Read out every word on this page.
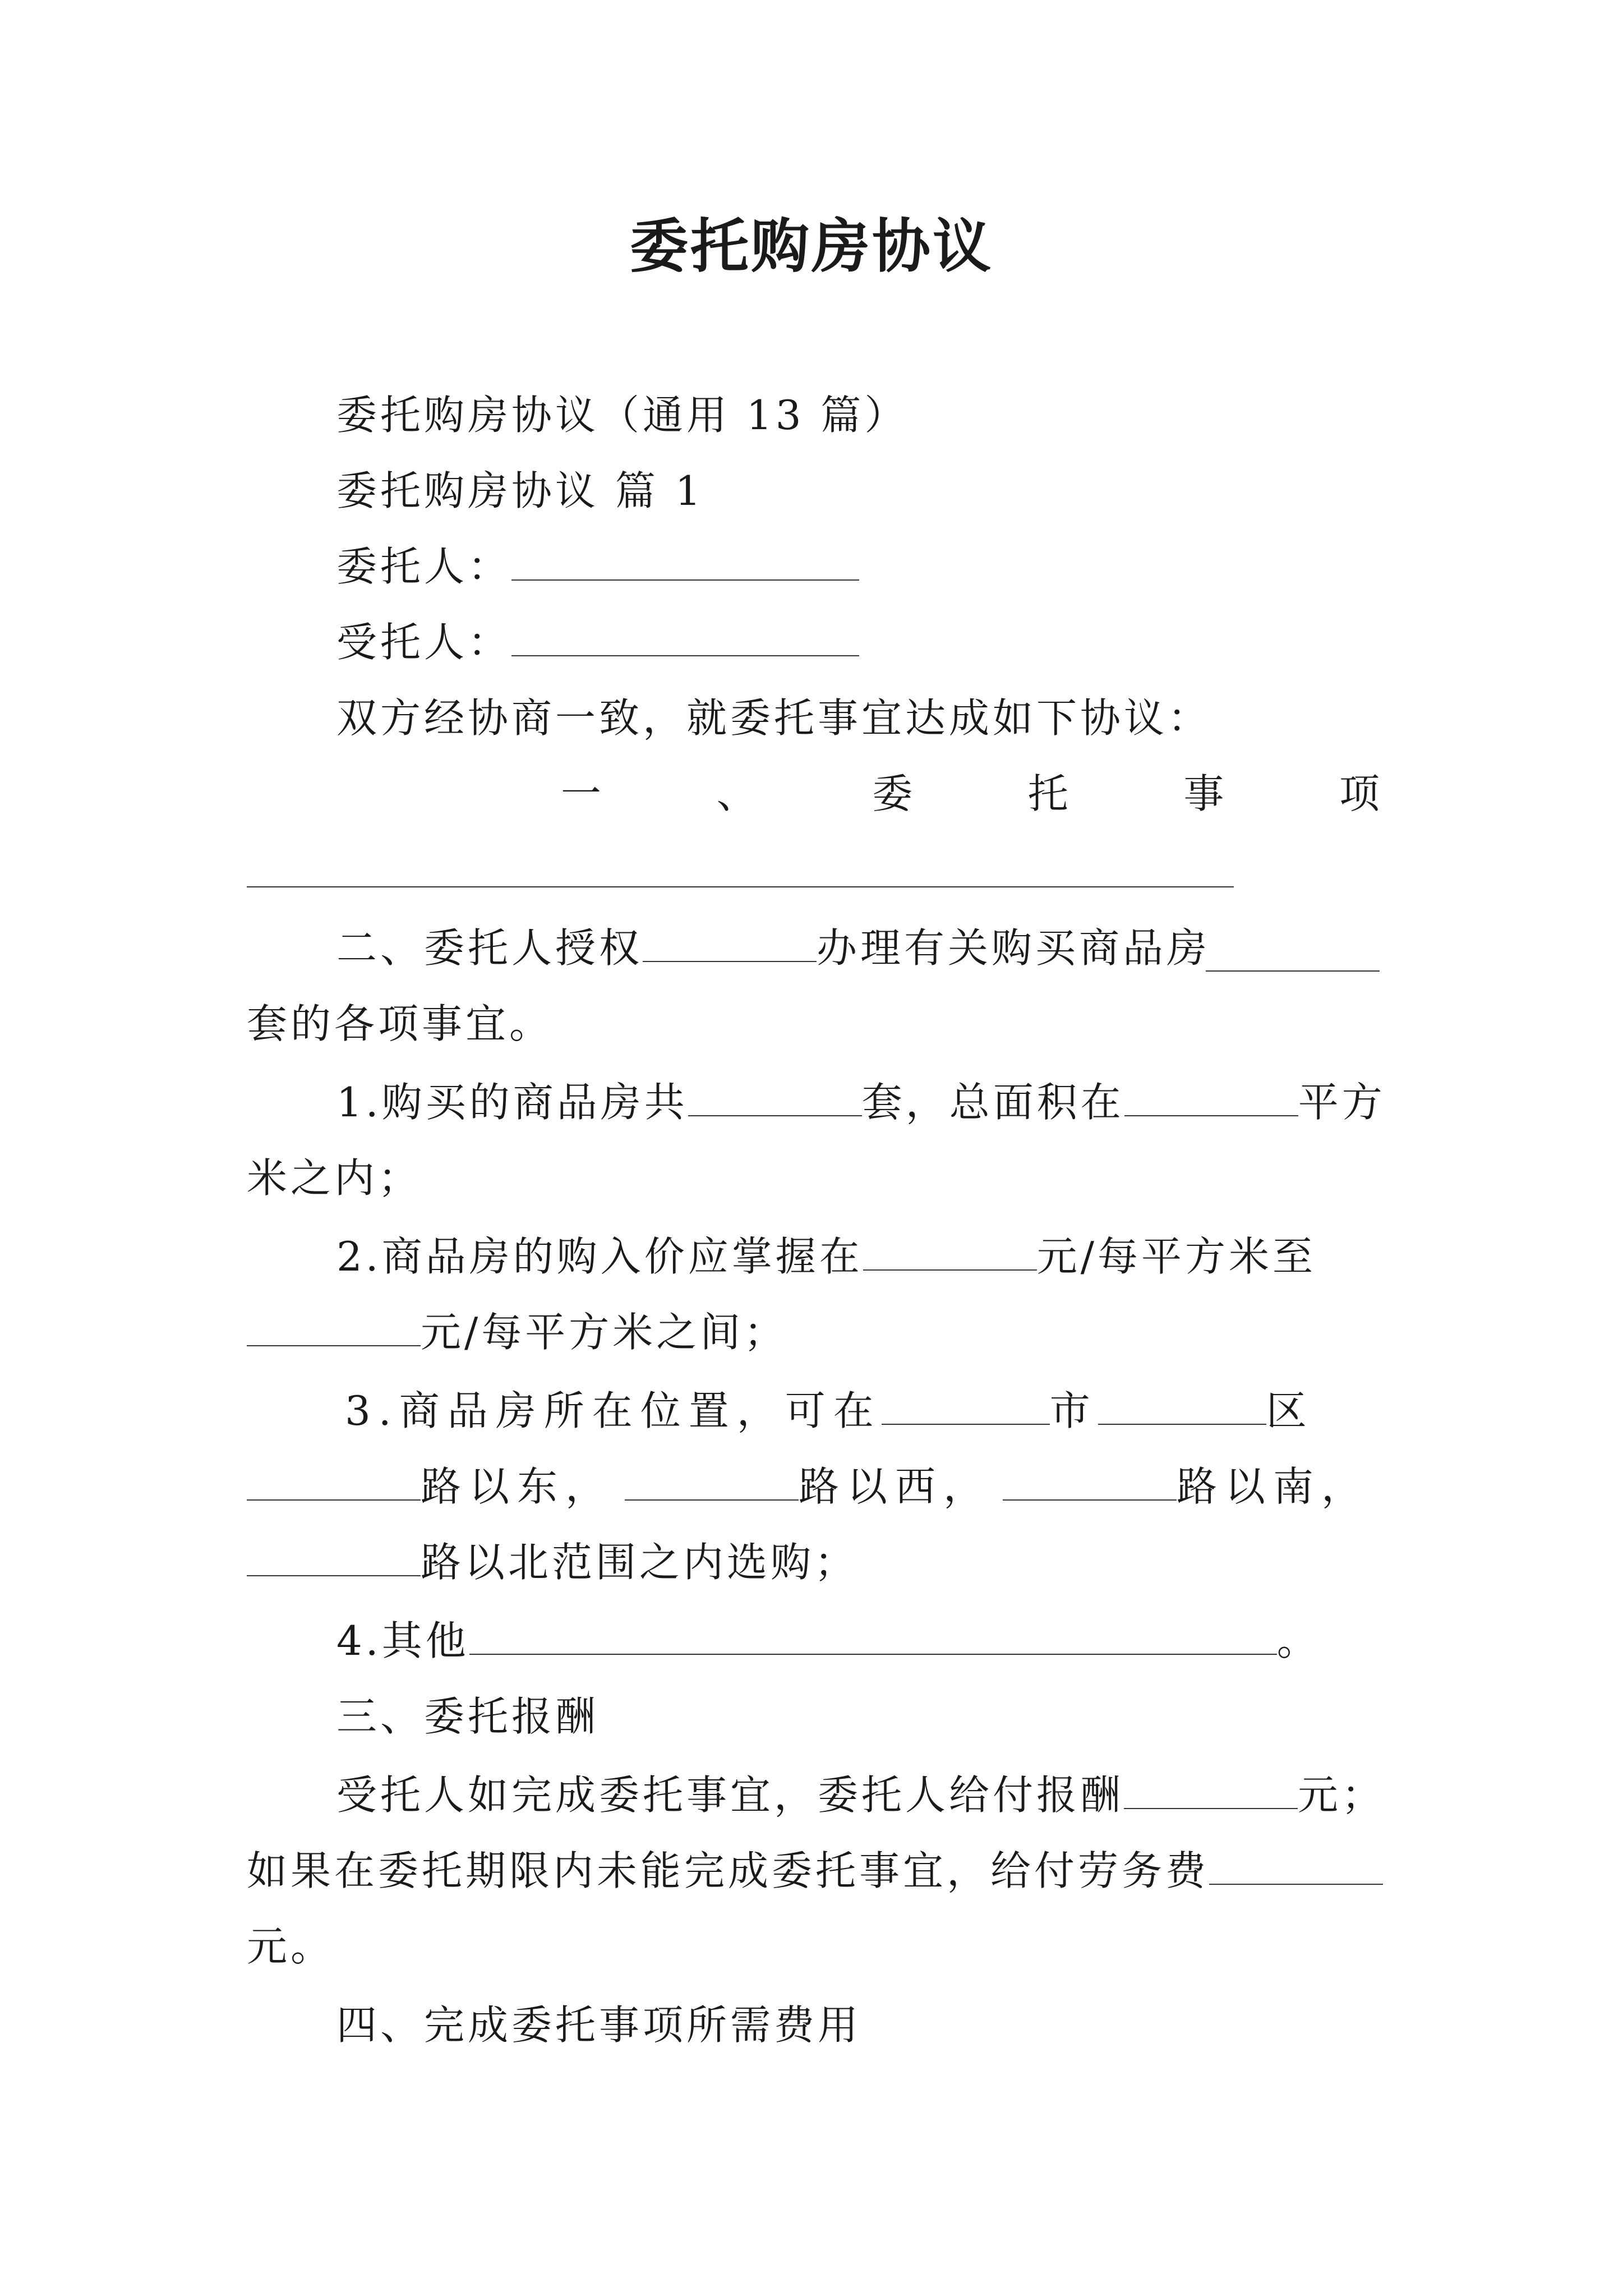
委托购房协议
委托购房协议（通用 13 篇）
委托购房协议 篇 1
委托人：
受托人：
双方经协商一致，就委托事宜达成如下协议：
一	、	委	托	事	项
二、委托人授权	办理有关购买商品房
套的各项事宜。
1.购买的商品房共	套，总面积在	平方
米之内；
2.商品房的购入价应掌握在	元/每平方米至
元/每平方米之间；
3.商品房所在位置，可在	市	区
路以东，	路以西，	路以南，
路以北范围之内选购；
4.其他	。
三、委托报酬
受托人如完成委托事宜，委托人给付报酬	元；
如果在委托期限内未能完成委托事宜，给付劳务费
元。
四、完成委托事项所需费用
